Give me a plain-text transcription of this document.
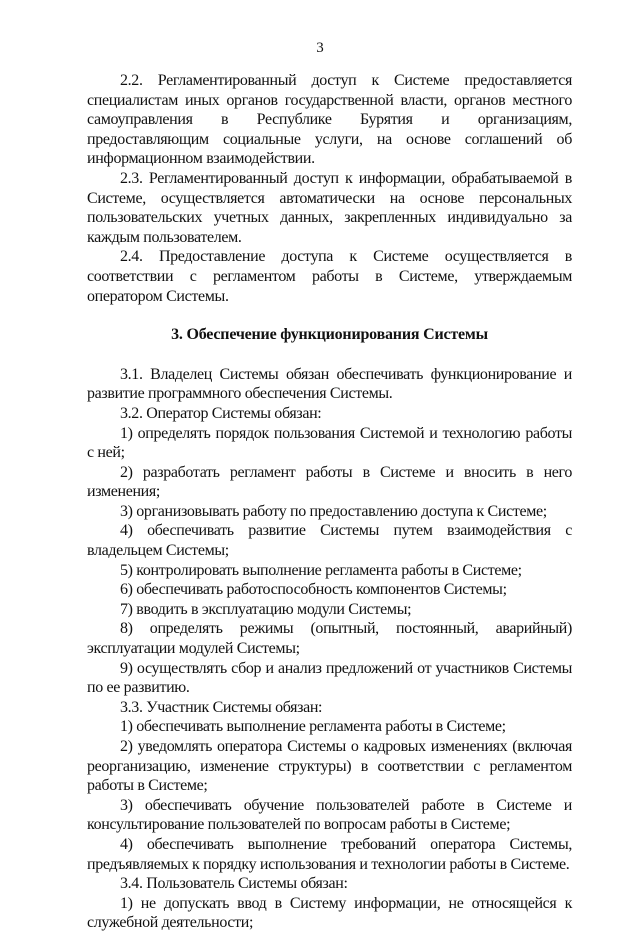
3

2.2. Регламентированный доступ к Системе предоставляется специалистам иных органов государственной власти, органов местного самоуправления в Республике Бурятия и организациям, предоставляющим социальные услуги, на основе соглашений об информационном взаимодействии.

2.3. Регламентированный доступ к информации, обрабатываемой в Системе, осуществляется автоматически на основе персональных пользовательских учетных данных, закрепленных индивидуально за каждым пользователем.

2.4. Предоставление доступа к Системе осуществляется в соответствии с регламентом работы в Системе, утверждаемым оператором Системы.

3. Обеспечение функционирования Системы

3.1. Владелец Системы обязан обеспечивать функционирование и развитие программного обеспечения Системы.

3.2. Оператор Системы обязан:

1) определять порядок пользования Системой и технологию работы с ней;

2) разработать регламент работы в Системе и вносить в него изменения;

3) организовывать работу по предоставлению доступа к Системе;

4) обеспечивать развитие Системы путем взаимодействия с владельцем Системы;

5) контролировать выполнение регламента работы в Системе;

6) обеспечивать работоспособность компонентов Системы;

7) вводить в эксплуатацию модули Системы;

8) определять режимы (опытный, постоянный, аварийный) эксплуатации модулей Системы;

9) осуществлять сбор и анализ предложений от участников Системы по ее развитию.

3.3. Участник Системы обязан:

1) обеспечивать выполнение регламента работы в Системе;

2) уведомлять оператора Системы о кадровых изменениях (включая реорганизацию, изменение структуры) в соответствии с регламентом работы в Системе;

3) обеспечивать обучение пользователей работе в Системе и консультирование пользователей по вопросам работы в Системе;

4) обеспечивать выполнение требований оператора Системы, предъявляемых к порядку использования и технологии работы в Системе.

3.4. Пользователь Системы обязан:

1) не допускать ввод в Систему информации, не относящейся к служебной деятельности;
